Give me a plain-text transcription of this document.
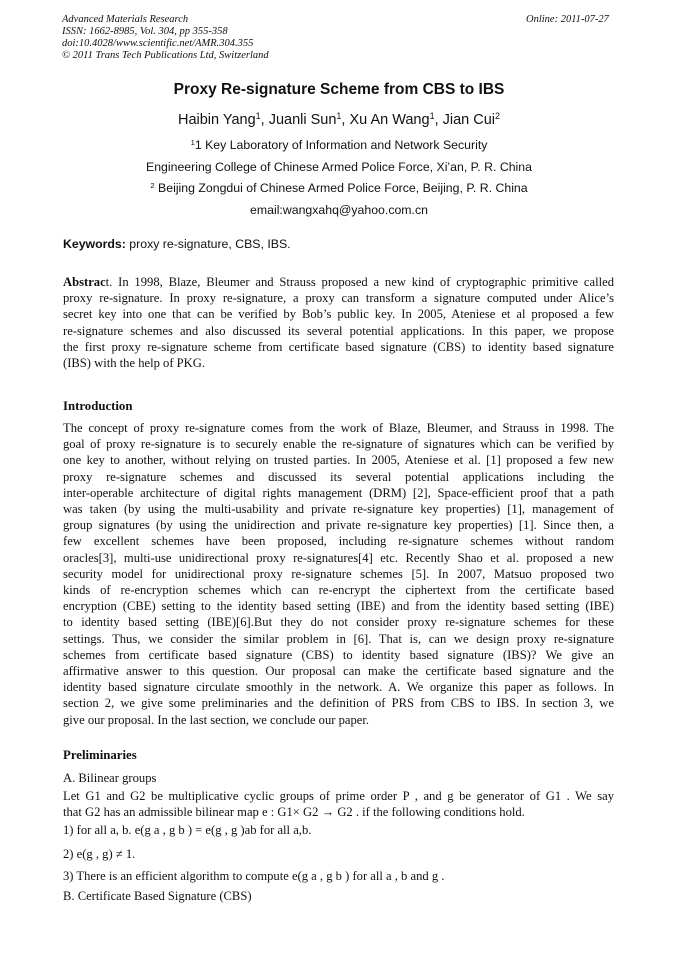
Advanced Materials Research
ISSN: 1662-8985, Vol. 304, pp 355-358
doi:10.4028/www.scientific.net/AMR.304.355
© 2011 Trans Tech Publications Ltd, Switzerland
Online: 2011-07-27
Proxy Re-signature Scheme from CBS to IBS
Haibin Yang$^1$, Juanli Sun$^1$, Xu An Wang$^1$, Jian Cui$^2$
$^1$1 Key Laboratory of Information and Network Security
Engineering College of Chinese Armed Police Force, Xi’an, P. R. China
$^2$ Beijing Zongdui of Chinese Armed Police Force, Beijing, P. R. China
email:wangxahq@yahoo.com.cn
Keywords: proxy re-signature, CBS, IBS.
Abstract. In 1998, Blaze, Bleumer and Strauss proposed a new kind of cryptographic primitive called
proxy re-signature. In proxy re-signature, a proxy can transform a signature computed under Alice’s
secret key into one that can be verified by Bob’s public key. In 2005, Ateniese et al proposed a few
re-signature schemes and also discussed its several potential applications. In this paper, we propose
the first proxy re-signature scheme from certificate based signature (CBS) to identity based signature
(IBS) with the help of PKG.
Introduction
The concept of proxy re-signature comes from the work of Blaze, Bleumer, and Strauss in 1998. The
goal of proxy re-signature is to securely enable the re-signature of signatures which can be verified by
one key to another, without relying on trusted parties. In 2005, Ateniese et al. [1] proposed a few new
proxy re-signature schemes and discussed its several potential applications including the
inter-operable architecture of digital rights management (DRM) [2], Space-efficient proof that a path
was taken (by using the multi-usability and private re-signature key properties) [1], management of
group signatures (by using the unidirection and private re-signature key properties) [1]. Since then, a
few excellent schemes have been proposed, including re-signature schemes without random
oracles[3], multi-use unidirectional proxy re-signatures[4] etc. Recently Shao et al. proposed a new
security model for unidirectional proxy re-signature schemes [5]. In 2007, Matsuo proposed two
kinds of re-encryption schemes which can re-encrypt the ciphertext from the certificate based
encryption (CBE) setting to the identity based setting (IBE) and from the identity based setting (IBE)
to identity based setting (IBE)[6].But they do not consider proxy re-signature schemes for these
settings. Thus, we consider the similar problem in [6]. That is, can we design proxy re-signature
schemes from certificate based signature (CBS) to identity based signature (IBS)? We give an
affirmative answer to this question. Our proposal can make the certificate based signature and the
identity based signature circulate smoothly in the network. A. We organize this paper as follows. In
section 2, we give some preliminaries and the definition of PRS from CBS to IBS. In section 3, we
give our proposal. In the last section, we conclude our paper.
Preliminaries
A. Bilinear groups
Let G1 and G2 be multiplicative cyclic groups of prime order P , and g be generator of G1 . We say
that G2 has an admissible bilinear map e : G1× G2 → G2 . if the following conditions hold.
1) for all a, b. e(g a , g b ) = e(g , g )ab for all a,b.
2) e(g , g) ≠ 1.
3) There is an efficient algorithm to compute e(g a , g b ) for all a , b and g .
B. Certificate Based Signature (CBS)
